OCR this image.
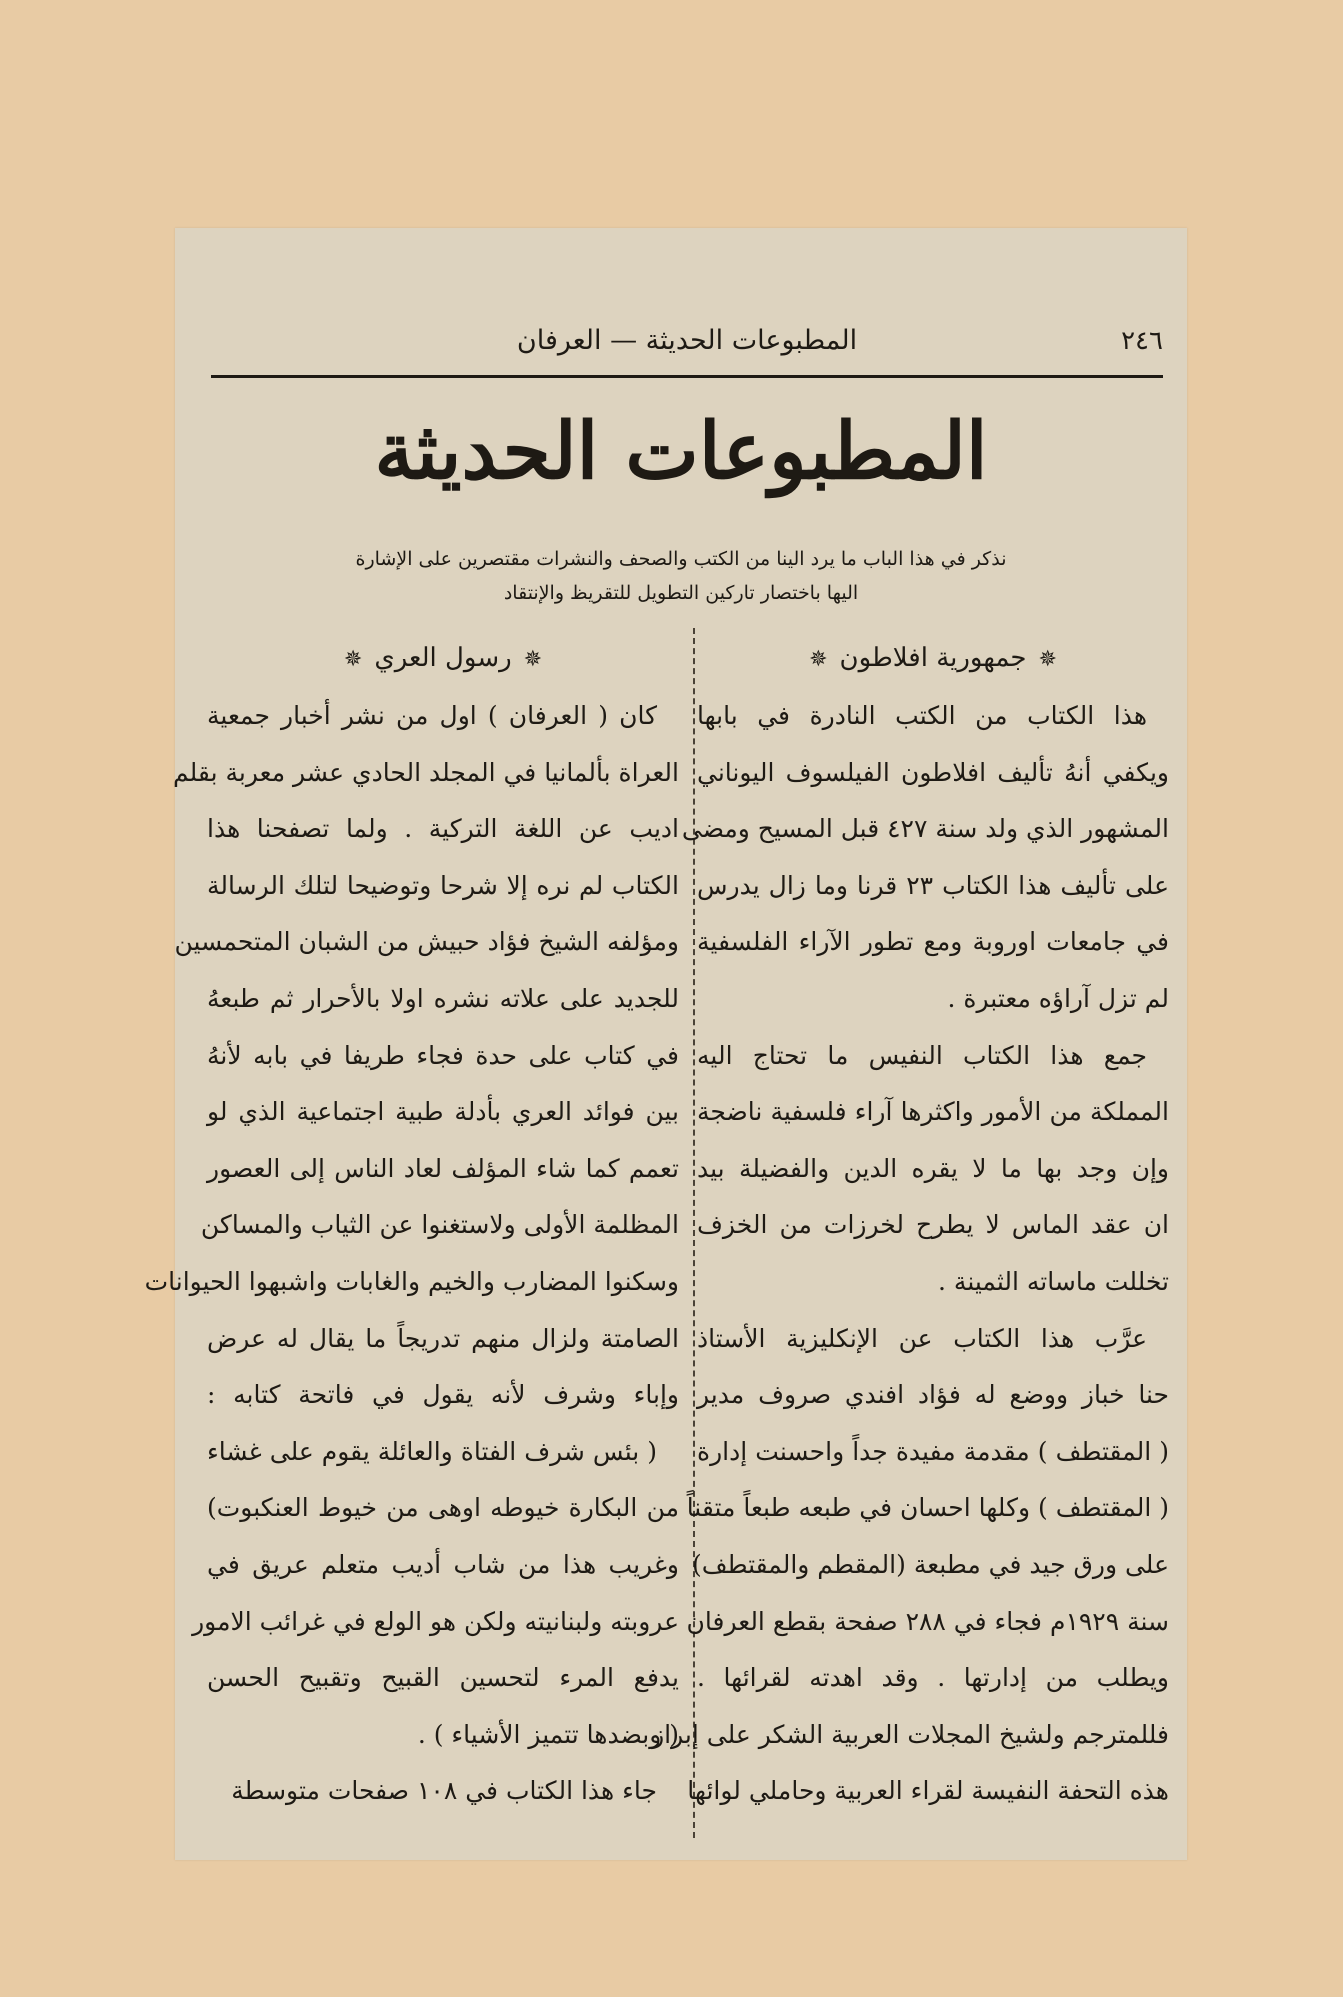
٢٤٦
المطبوعات الحديثة — العرفان
المطبوعات الحديثة

نذكر في هذا الباب ما يرد الينا من الكتب والصحف والنشرات مقتصرين على الإشارة

اليها باختصار تاركين التطويل للتقريظ والإنتقاد

✵جمهورية افلاطون✵
هذا الكتاب من الكتب النادرة في بابها
ويكفي أنهُ تأليف افلاطون الفيلسوف اليوناني
المشهور الذي ولد سنة ٤٢٧ قبل المسيح ومضى
على تأليف هذا الكتاب ٢٣ قرنا وما زال يدرس
في جامعات اوروبة ومع تطور الآراء الفلسفية
لم تزل آراؤه معتبرة .
جمع هذا الكتاب النفيس ما تحتاج اليه
المملكة من الأمور واكثرها آراء فلسفية ناضجة
وإن وجد بها ما لا يقره الدين والفضيلة بيد
ان عقد الماس لا يطرح لخرزات من الخزف
تخللت ماساته الثمينة .
عرَّب هذا الكتاب عن الإنكليزية الأستاذ
حنا خباز ووضع له فؤاد افندي صروف مدير
( المقتطف ) مقدمة مفيدة جداً واحسنت إدارة
( المقتطف ) وكلها احسان في طبعه طبعاً متقناً
على ورق جيد في مطبعة (المقطم والمقتطف)
سنة ١٩٢٩م فجاء في ٢٨٨ صفحة بقطع العرفان
ويطلب من إدارتها . وقد اهدته لقرائها .
فللمترجم ولشيخ المجلات العربية الشكر على إبراز
هذه التحفة النفيسة لقراء العربية وحاملي لوائها
✵رسول العري✵
كان ( العرفان ) اول من نشر أخبار جمعية
العراة بألمانيا في المجلد الحادي عشر معربة بقلم
اديب عن اللغة التركية . ولما تصفحنا هذا
الكتاب لم نره إلا شرحا وتوضيحا لتلك الرسالة
ومؤلفه الشيخ فؤاد حبيش من الشبان المتحمسين
للجديد على علاته نشره اولا بالأحرار ثم طبعهُ
في كتاب على حدة فجاء طريفا في بابه لأنهُ
بين فوائد العري بأدلة طبية اجتماعية الذي لو
تعمم كما شاء المؤلف لعاد الناس إلى العصور
المظلمة الأولى ولاستغنوا عن الثياب والمساكن
وسكنوا المضارب والخيم والغابات واشبهوا الحيوانات
الصامتة ولزال منهم تدريجاً ما يقال له عرض
وإباء وشرف لأنه يقول في فاتحة كتابه :
( بئس شرف الفتاة والعائلة يقوم على غشاء
من البكارة خيوطه اوهى من خيوط العنكبوت)
وغريب هذا من شاب أديب متعلم عريق في
عروبته ولبنانيته ولكن هو الولع في غرائب الامور
يدفع المرء لتحسين القبيح وتقبيح الحسن
( وبضدها تتميز الأشياء ) .
جاء هذا الكتاب في ١٠٨ صفحات متوسطة
